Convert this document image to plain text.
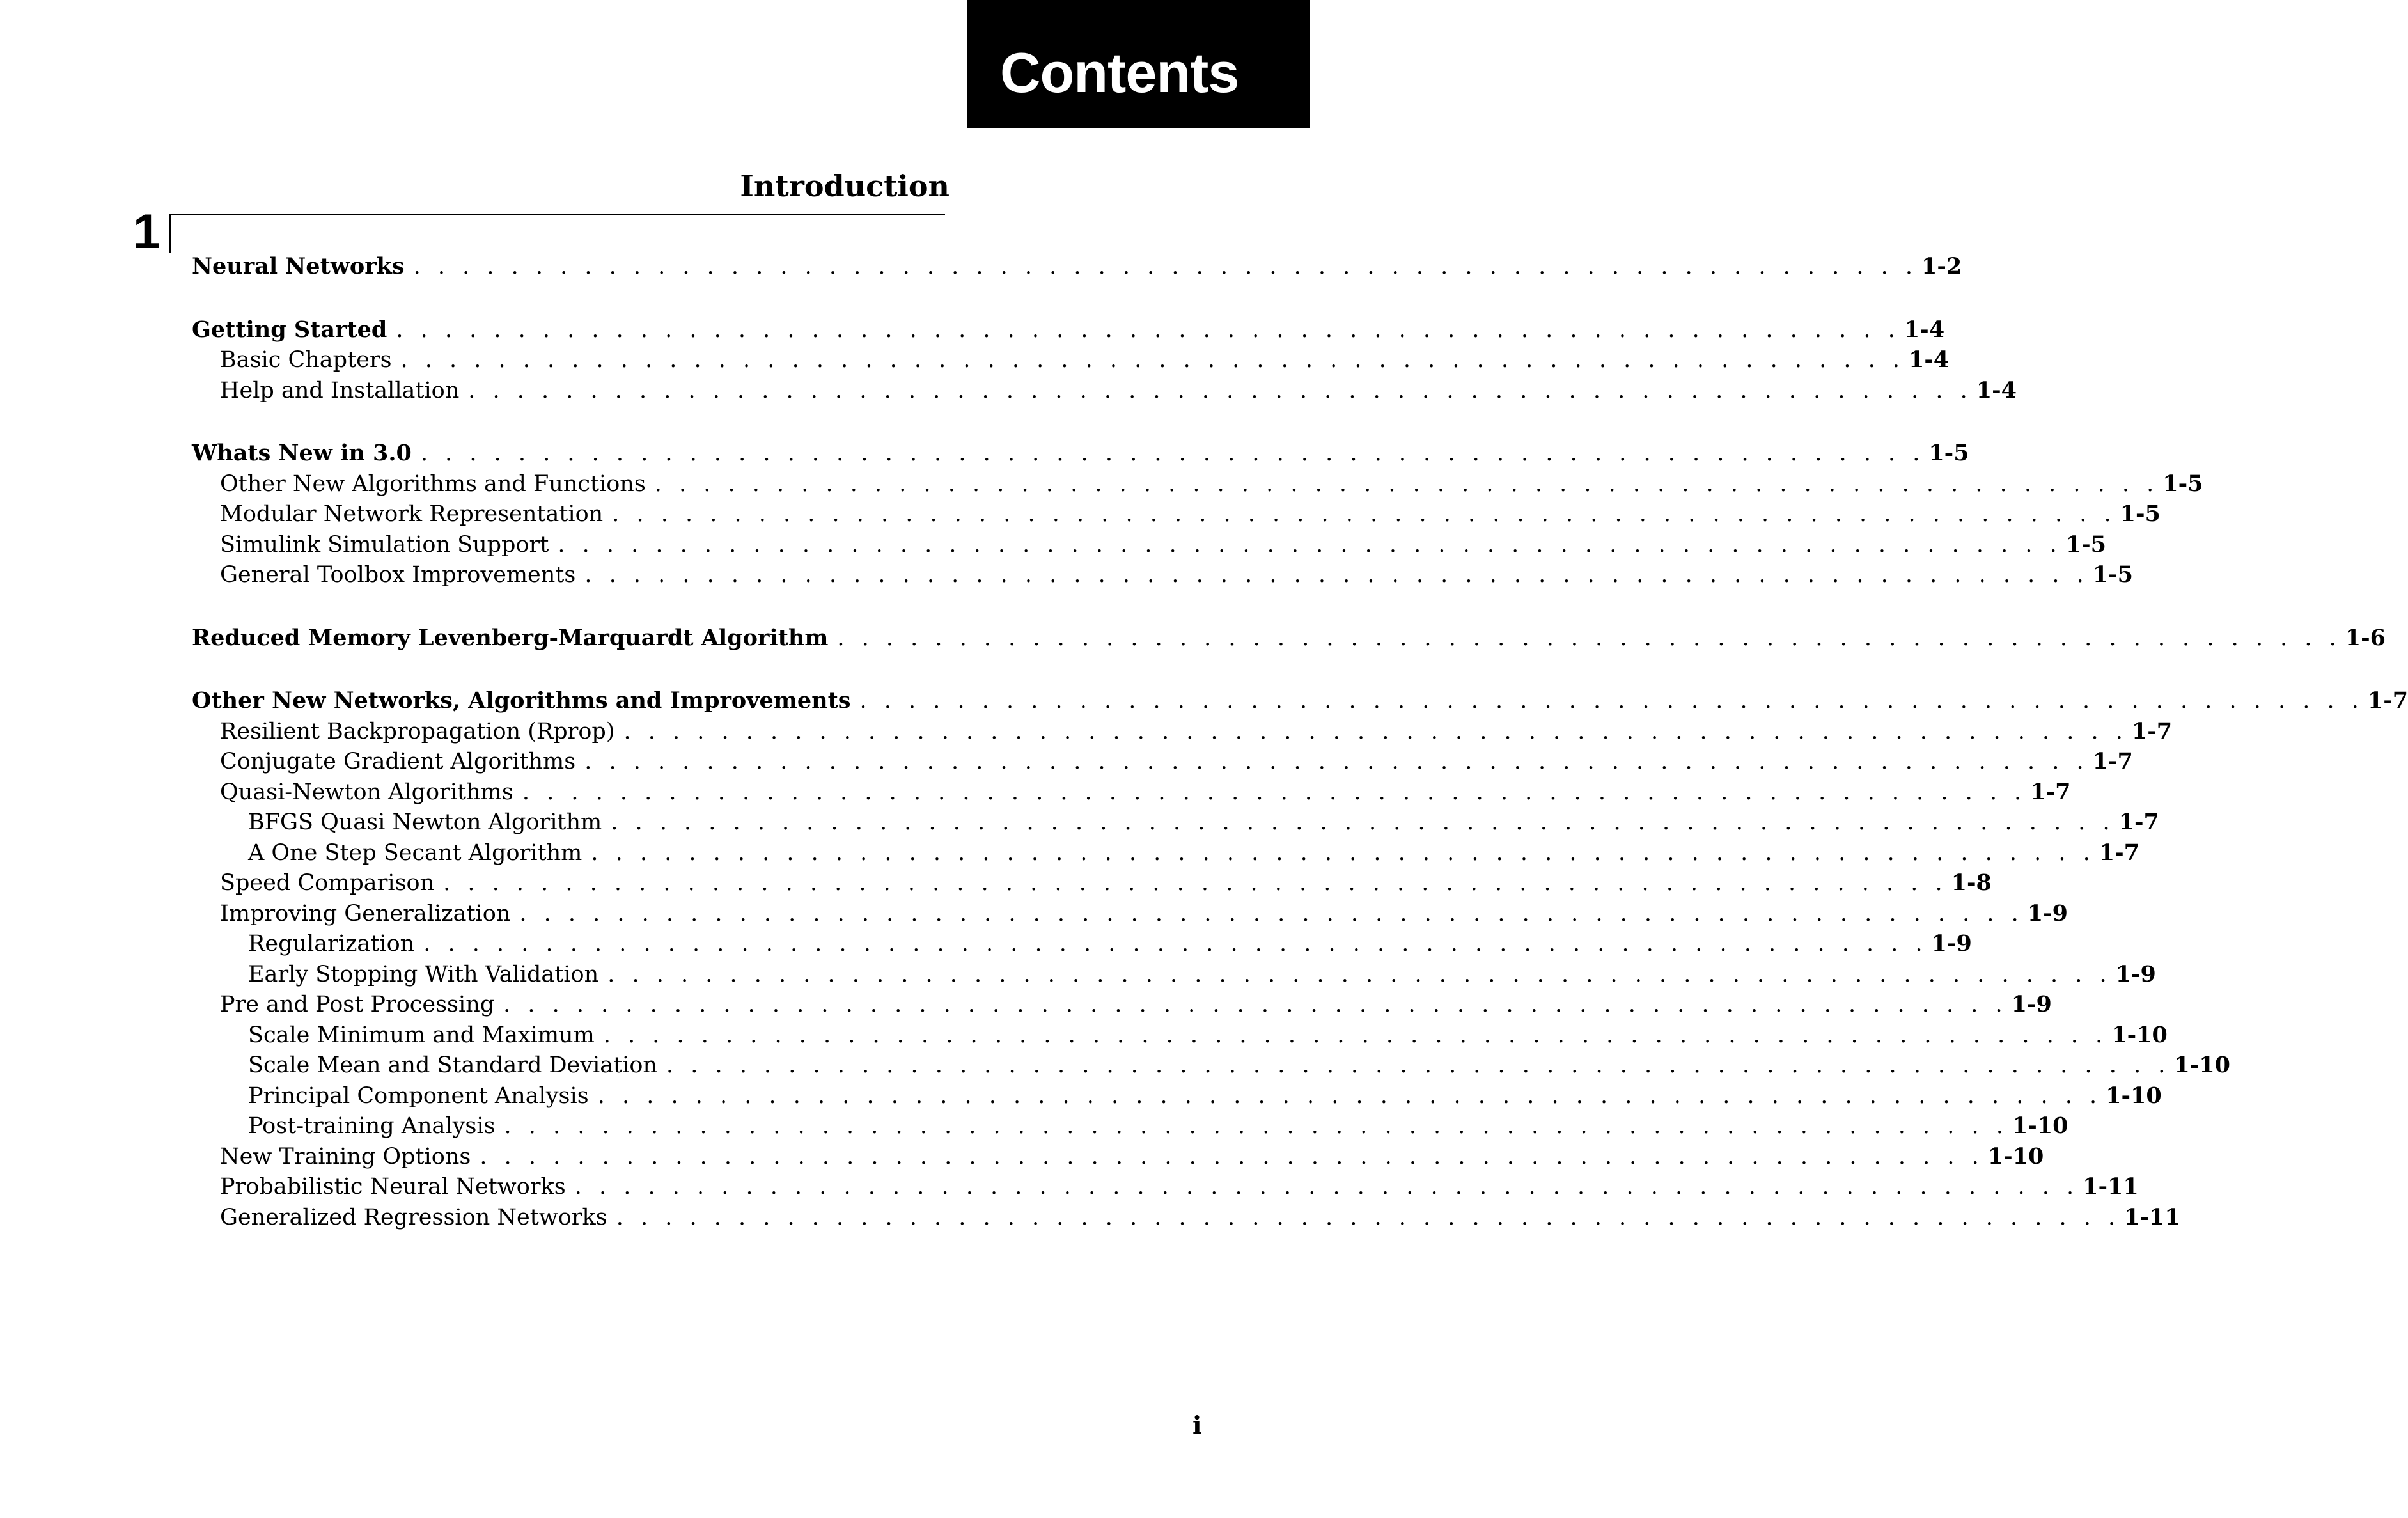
Contents
Introduction
1
Neural Networks . . . . . . . . . . . . . . . . . . . . . . . . . . . . . . . . . . . . . . . . . . . . . . . . . . . . . . . . . . . . . . 1-2
Getting Started . . . . . . . . . . . . . . . . . . . . . . . . . . . . . . . . . . . . . . . . . . . . . . . . . . . . . . . . . . . . . . 1-4
Basic Chapters . . . . . . . . . . . . . . . . . . . . . . . . . . . . . . . . . . . . . . . . . . . . . . . . . . . . . . . . . . . . . . 1-4
Help and Installation . . . . . . . . . . . . . . . . . . . . . . . . . . . . . . . . . . . . . . . . . . . . . . . . . . . . . . . . . . . . . . 1-4
Whats New in 3.0 . . . . . . . . . . . . . . . . . . . . . . . . . . . . . . . . . . . . . . . . . . . . . . . . . . . . . . . . . . . . . . 1-5
Other New Algorithms and Functions . . . . . . . . . . . . . . . . . . . . . . . . . . . . . . . . . . . . . . . . . . . . . . . . . . . . . . . . . . . . . . 1-5
Modular Network Representation . . . . . . . . . . . . . . . . . . . . . . . . . . . . . . . . . . . . . . . . . . . . . . . . . . . . . . . . . . . . . . 1-5
Simulink Simulation Support . . . . . . . . . . . . . . . . . . . . . . . . . . . . . . . . . . . . . . . . . . . . . . . . . . . . . . . . . . . . . . 1-5
General Toolbox Improvements . . . . . . . . . . . . . . . . . . . . . . . . . . . . . . . . . . . . . . . . . . . . . . . . . . . . . . . . . . . . . . 1-5
Reduced Memory Levenberg-Marquardt Algorithm . . . . . . . . . . . . . . . . . . . . . . . . . . . . . . . . . . . . . . . . . . . . . . . . . . . . . . . . . . . . . . 1-6
Other New Networks, Algorithms and Improvements . . . . . . . . . . . . . . . . . . . . . . . . . . . . . . . . . . . . . . . . . . . . . . . . . . . . . . . . . . . . . . 1-7
Resilient Backpropagation (Rprop) . . . . . . . . . . . . . . . . . . . . . . . . . . . . . . . . . . . . . . . . . . . . . . . . . . . . . . . . . . . . . . 1-7
Conjugate Gradient Algorithms . . . . . . . . . . . . . . . . . . . . . . . . . . . . . . . . . . . . . . . . . . . . . . . . . . . . . . . . . . . . . . 1-7
Quasi-Newton Algorithms . . . . . . . . . . . . . . . . . . . . . . . . . . . . . . . . . . . . . . . . . . . . . . . . . . . . . . . . . . . . . . 1-7
BFGS Quasi Newton Algorithm . . . . . . . . . . . . . . . . . . . . . . . . . . . . . . . . . . . . . . . . . . . . . . . . . . . . . . . . . . . . . . 1-7
A One Step Secant Algorithm . . . . . . . . . . . . . . . . . . . . . . . . . . . . . . . . . . . . . . . . . . . . . . . . . . . . . . . . . . . . . . 1-7
Speed Comparison . . . . . . . . . . . . . . . . . . . . . . . . . . . . . . . . . . . . . . . . . . . . . . . . . . . . . . . . . . . . . . 1-8
Improving Generalization . . . . . . . . . . . . . . . . . . . . . . . . . . . . . . . . . . . . . . . . . . . . . . . . . . . . . . . . . . . . . . 1-9
Regularization . . . . . . . . . . . . . . . . . . . . . . . . . . . . . . . . . . . . . . . . . . . . . . . . . . . . . . . . . . . . . . 1-9
Early Stopping With Validation . . . . . . . . . . . . . . . . . . . . . . . . . . . . . . . . . . . . . . . . . . . . . . . . . . . . . . . . . . . . . . 1-9
Pre and Post Processing . . . . . . . . . . . . . . . . . . . . . . . . . . . . . . . . . . . . . . . . . . . . . . . . . . . . . . . . . . . . . . 1-9
Scale Minimum and Maximum . . . . . . . . . . . . . . . . . . . . . . . . . . . . . . . . . . . . . . . . . . . . . . . . . . . . . . . . . . . . . . 1-10
Scale Mean and Standard Deviation . . . . . . . . . . . . . . . . . . . . . . . . . . . . . . . . . . . . . . . . . . . . . . . . . . . . . . . . . . . . . . 1-10
Principal Component Analysis . . . . . . . . . . . . . . . . . . . . . . . . . . . . . . . . . . . . . . . . . . . . . . . . . . . . . . . . . . . . . . 1-10
Post-training Analysis . . . . . . . . . . . . . . . . . . . . . . . . . . . . . . . . . . . . . . . . . . . . . . . . . . . . . . . . . . . . . . 1-10
New Training Options . . . . . . . . . . . . . . . . . . . . . . . . . . . . . . . . . . . . . . . . . . . . . . . . . . . . . . . . . . . . . . 1-10
Probabilistic Neural Networks . . . . . . . . . . . . . . . . . . . . . . . . . . . . . . . . . . . . . . . . . . . . . . . . . . . . . . . . . . . . . . 1-11
Generalized Regression Networks . . . . . . . . . . . . . . . . . . . . . . . . . . . . . . . . . . . . . . . . . . . . . . . . . . . . . . . . . . . . . . 1-11
i
